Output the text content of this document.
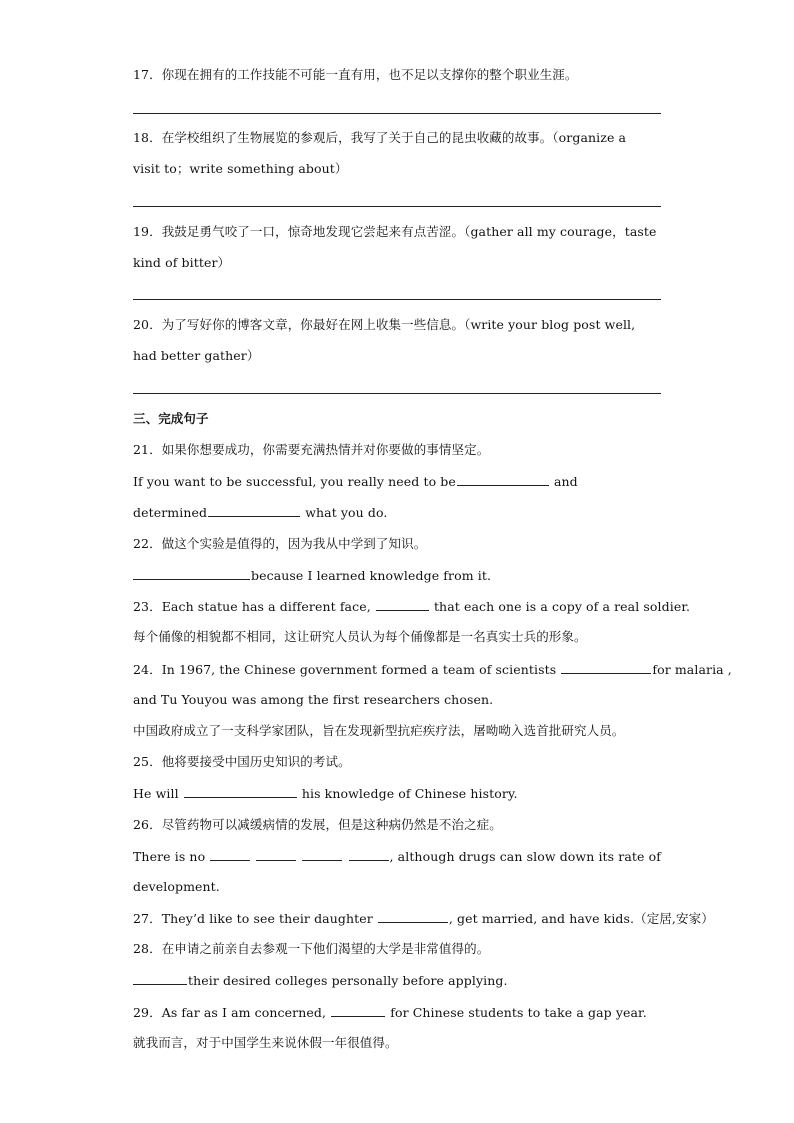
17．你现在拥有的工作技能不可能一直有用，也不足以支撑你的整个职业生涯。
18．在学校组织了生物展览的参观后，我写了关于自己的昆虫收藏的故事。（organize a
visit to；write something about）
19．我鼓足勇气咬了一口，惊奇地发现它尝起来有点苦涩。（gather all my courage，taste
kind of bitter）
20．为了写好你的博客文章，你最好在网上收集一些信息。（write your blog post well,
had better gather）
三、完成句子
21．如果你想要成功，你需要充满热情并对你要做的事情坚定。
If you want to be successful, you really need to be	and
determined	what you do.
22．做这个实验是值得的，因为我从中学到了知识。
because I learned knowledge from it.
23．Each statue has a different face,	that each one is a copy of a real soldier.
每个俑像的相貌都不相同，这让研究人员认为每个俑像都是一名真实士兵的形象。
24．In 1967, the Chinese government formed a team of scientists	for malaria ,
and Tu Youyou was among the first researchers chosen.
中国政府成立了一支科学家团队，旨在发现新型抗疟疾疗法，屠呦呦入选首批研究人员。
25．他将要接受中国历史知识的考试。
He will	his knowledge of Chinese history.
26．尽管药物可以减缓病情的发展，但是这种病仍然是不治之症。
There is no	, although drugs can slow down its rate of
development.
27．They’d like to see their daughter	, get married, and have kids.（定居,安家）
28．在申请之前亲自去参观一下他们渴望的大学是非常值得的。
their desired colleges personally before applying.
29．As far as I am concerned,	for Chinese students to take a gap year.
就我而言，对于中国学生来说休假一年很值得。
